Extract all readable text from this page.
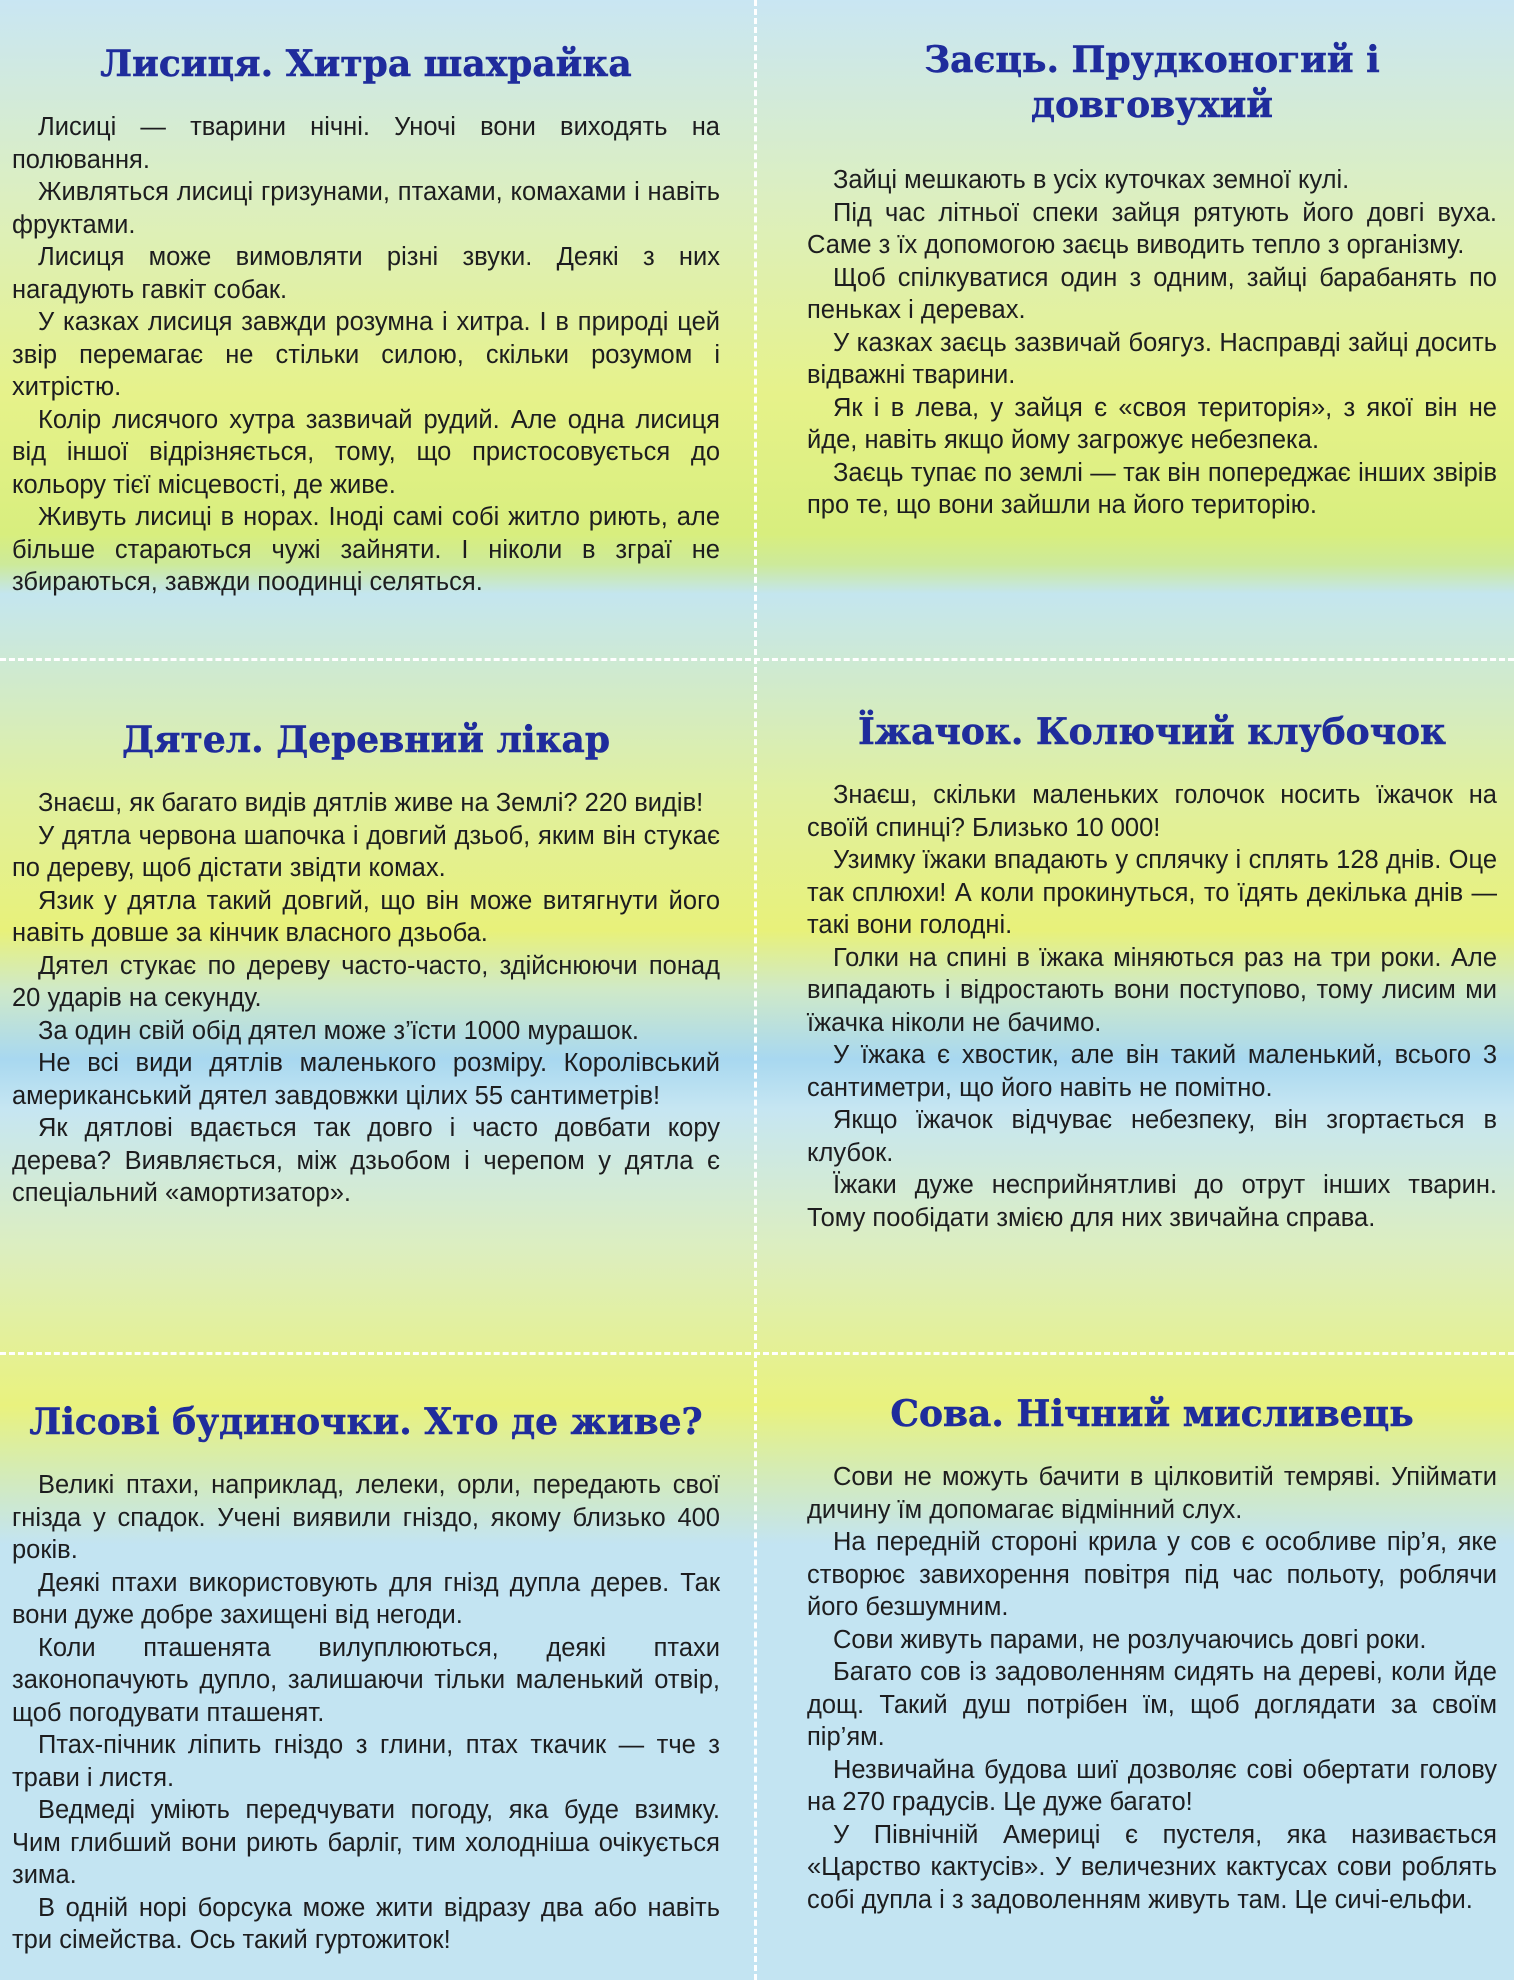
Лисиця. Хитра шахрайка

Лисиці — тварини нічні. Уночі вони виходять на полювання.

Живляться лисиці гризунами, птахами, комахами і навіть фруктами.

Лисиця може вимовляти різні звуки. Деякі з них нагадують гавкіт собак.

У казках лисиця завжди розумна і хитра. І в природі цей звір перемагає не стільки силою, скільки розумом і хитрістю.

Колір лисячого хутра зазвичай рудий. Але одна лисиця від іншої відрізняється, тому, що пристосовується до кольору тієї місцевості, де живе.

Живуть лисиці в норах. Іноді самі собі житло риють, але більше стараються чужі зайняти. І ніколи в зграї не збираються, завжди поодинці селяться.

Заєць. Прудконогий і довговухий

Зайці мешкають в усіх куточках земної кулі.

Під час літньої спеки зайця рятують його довгі вуха. Саме з їх допомогою заєць виводить тепло з організму.

Щоб спілкуватися один з одним, зайці барабанять по пеньках і деревах.

У казках заєць зазвичай боягуз. Насправді зайці досить відважні тварини.

Як і в лева, у зайця є «своя територія», з якої він не йде, навіть якщо йому загрожує небезпека.

Заєць тупає по землі — так він попереджає інших звірів про те, що вони зайшли на його територію.

Дятел. Деревний лікар

Знаєш, як багато видів дятлів живе на Землі? 220 видів!

У дятла червона шапочка і довгий дзьоб, яким він стукає по дереву, щоб дістати звідти комах.

Язик у дятла такий довгий, що він може витягнути його навіть довше за кінчик власного дзьоба.

Дятел стукає по дереву часто-часто, здійснюючи понад 20 ударів на секунду.

За один свій обід дятел може з’їсти 1000 мурашок.

Не всі види дятлів маленького розміру. Королівський американський дятел завдовжки цілих 55 сантиметрів!

Як дятлові вдається так довго і часто довбати кору дерева? Виявляється, між дзьобом і черепом у дятла є спеціальний «амортизатор».

Їжачок. Колючий клубочок

Знаєш, скільки маленьких голочок носить їжачок на своїй спинці? Близько 10 000!

Узимку їжаки впадають у сплячку і сплять 128 днів. Оце так сплюхи! А коли прокинуться, то їдять декілька днів — такі вони голодні.

Голки на спині в їжака міняються раз на три роки. Але випадають і відростають вони поступово, тому лисим ми їжачка ніколи не бачимо.

У їжака є хвостик, але він такий маленький, всього 3 сантиметри, що його навіть не помітно.

Якщо їжачок відчуває небезпеку, він згортається в клубок.

Їжаки дуже несприйнятливі до отрут інших тварин. Тому пообідати змією для них звичайна справа.

Лісові будиночки. Хто де живе?

Великі птахи, наприклад, лелеки, орли, передають свої гнізда у спадок. Учені виявили гніздо, якому близько 400 років.

Деякі птахи використовують для гнізд дупла дерев. Так вони дуже добре захищені від негоди.

Коли пташенята вилуплюються, деякі птахи законопачують дупло, залишаючи тільки маленький отвір, щоб погодувати пташенят.

Птах-пічник ліпить гніздо з глини, птах ткачик — тче з трави і листя.

Ведмеді уміють передчувати погоду, яка буде взимку. Чим глибший вони риють барліг, тим холодніша очікується зима.

В одній норі борсука може жити відразу два або навіть три сімейства. Ось такий гуртожиток!

Сова. Нічний мисливець

Сови не можуть бачити в цілковитій темряві. Упіймати дичину їм допомагає відмінний слух.

На передній стороні крила у сов є особливе пір’я, яке створює завихорення повітря під час польоту, роблячи його безшумним.

Сови живуть парами, не розлучаючись довгі роки.

Багато сов із задоволенням сидять на дереві, коли йде дощ. Такий душ потрібен їм, щоб доглядати за своїм пір’ям.

Незвичайна будова шиї дозволяє сові обертати голову на 270 градусів. Це дуже багато!

У Північній Америці є пустеля, яка називається «Царство кактусів». У величезних кактусах сови роблять собі дупла і з задоволенням живуть там. Це сичі-ельфи.
